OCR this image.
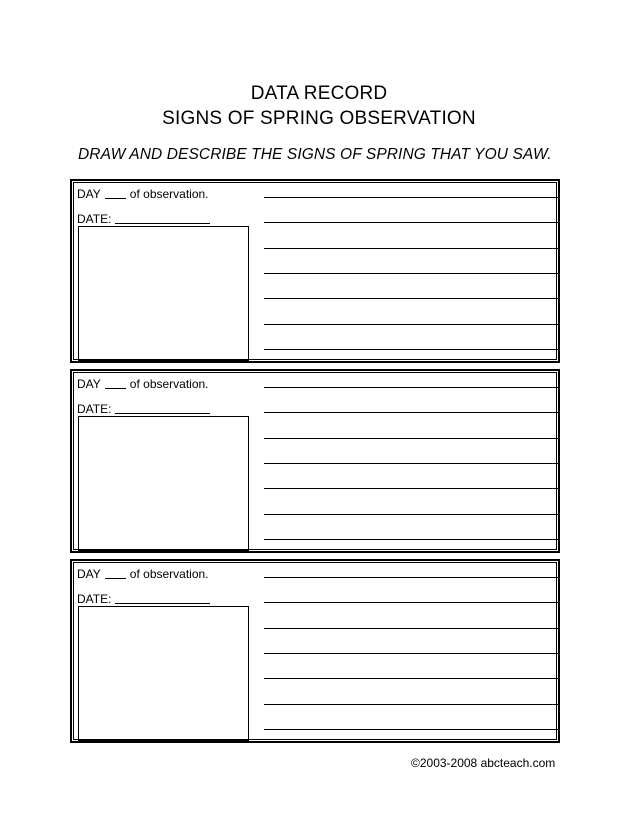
DATA RECORD
SIGNS OF SPRING OBSERVATION
DRAW AND DESCRIBE THE SIGNS OF SPRING THAT YOU SAW.
DAY of observation.
DATE:
DAY of observation.
DATE:
DAY of observation.
DATE:
©2003-2008 abcteach.com
